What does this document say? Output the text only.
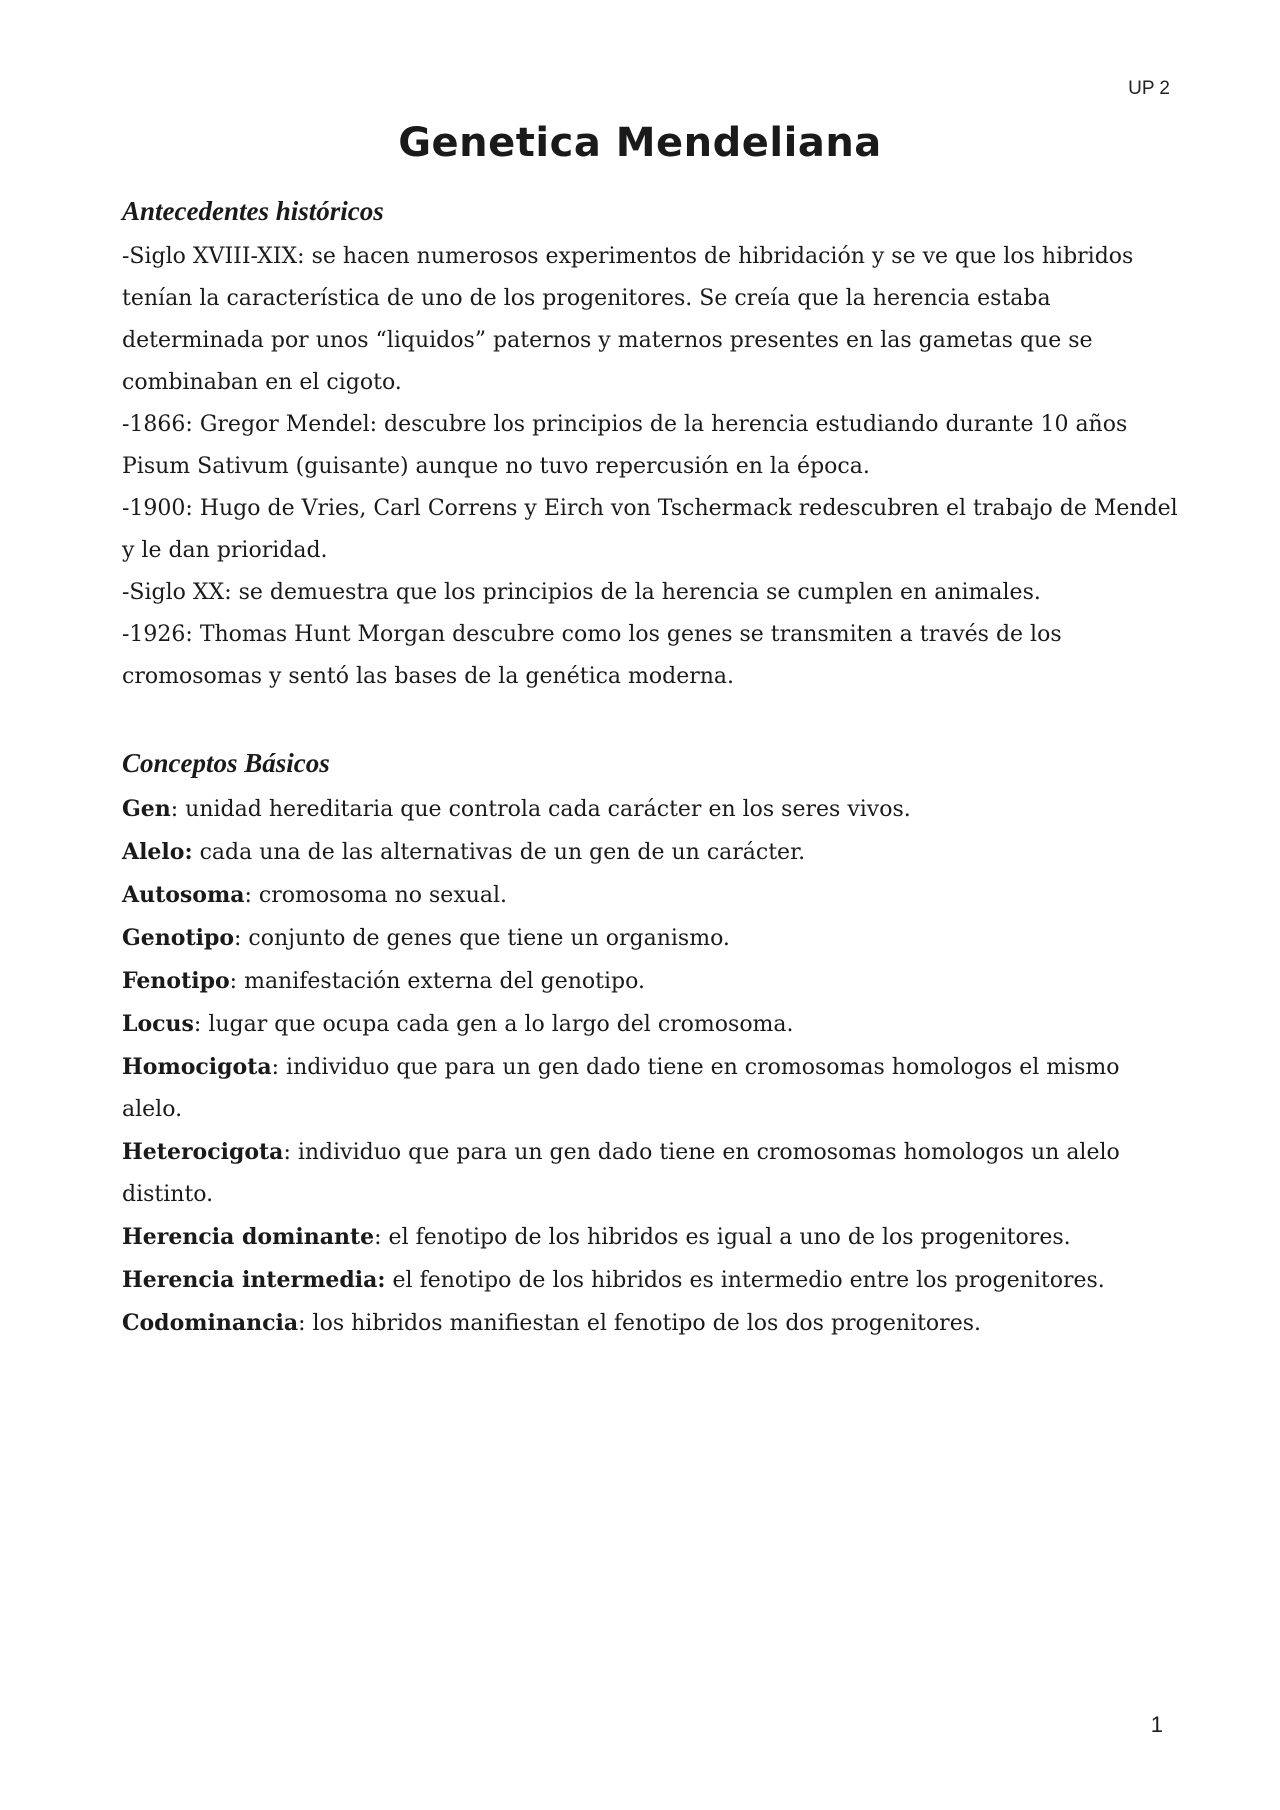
UP 2
Genetica Mendeliana
Antecedentes históricos

-Siglo XVIII-XIX: se hacen numerosos experimentos de hibridación y se ve que los hibridos tenían la característica de uno de los progenitores. Se creía que la herencia estaba determinada por unos “liquidos” paternos y maternos presentes en las gametas que se combinaban en el cigoto.

-1866: Gregor Mendel: descubre los principios de la herencia estudiando durante 10 años Pisum Sativum (guisante) aunque no tuvo repercusión en la época.

-1900: Hugo de Vries, Carl Correns y Eirch von Tschermack redescubren el trabajo de Mendel y le dan prioridad.

-Siglo XX: se demuestra que los principios de la herencia se cumplen en animales.

-1926: Thomas Hunt Morgan descubre como los genes se transmiten a través de los cromosomas y sentó las bases de la genética moderna.

Conceptos Básicos

Gen: unidad hereditaria que controla cada carácter en los seres vivos.

Alelo: cada una de las alternativas de un gen de un carácter.

Autosoma: cromosoma no sexual.

Genotipo: conjunto de genes que tiene un organismo.

Fenotipo: manifestación externa del genotipo.

Locus: lugar que ocupa cada gen a lo largo del cromosoma.

Homocigota: individuo que para un gen dado tiene en cromosomas homologos el mismo alelo.

Heterocigota: individuo que para un gen dado tiene en cromosomas homologos un alelo distinto.

Herencia dominante: el fenotipo de los hibridos es igual a uno de los progenitores.

Herencia intermedia: el fenotipo de los hibridos es intermedio entre los progenitores.

Codominancia: los hibridos manifiestan el fenotipo de los dos progenitores.

1
